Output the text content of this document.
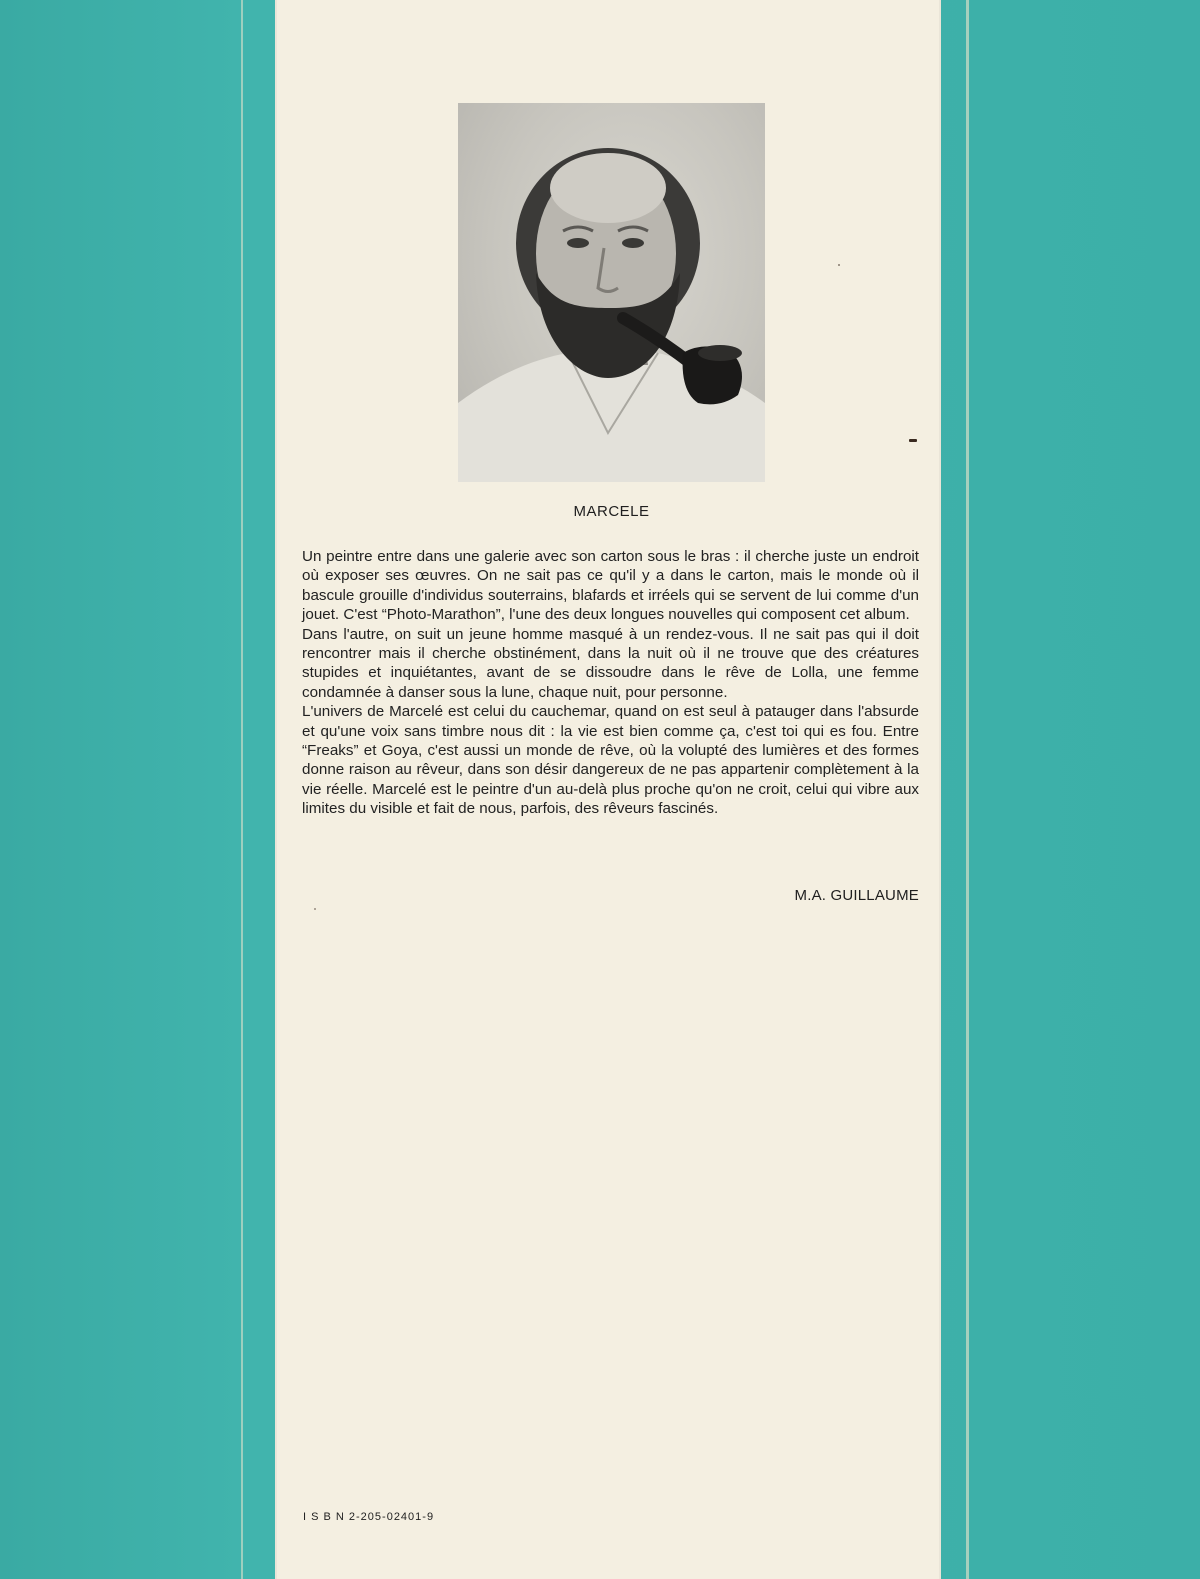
MARCELE

Un peintre entre dans une galerie avec son carton sous le bras : il cherche juste un endroit où exposer ses œuvres. On ne sait pas ce qu'il y a dans le carton, mais le monde où il bascule grouille d'individus souterrains, blafards et irréels qui se servent de lui comme d'un jouet. C'est “Photo-Marathon”, l'une des deux longues nouvelles qui composent cet album.

Dans l'autre, on suit un jeune homme masqué à un rendez-vous. Il ne sait pas qui il doit rencontrer mais il cherche obstinément, dans la nuit où il ne trouve que des créatures stupides et inquiétantes, avant de se dissoudre dans le rêve de Lolla, une femme condamnée à danser sous la lune, chaque nuit, pour personne.

L'univers de Marcelé est celui du cauchemar, quand on est seul à patauger dans l'absurde et qu'une voix sans timbre nous dit : la vie est bien comme ça, c'est toi qui es fou. Entre “Freaks” et Goya, c'est aussi un monde de rêve, où la volupté des lumières et des formes donne raison au rêveur, dans son désir dangereux de ne pas appartenir complètement à la vie réelle. Marcelé est le peintre d'un au-delà plus proche qu'on ne croit, celui qui vibre aux limites du visible et fait de nous, parfois, des rêveurs fascinés.

M.A. GUILLAUME
I S B N 2-205-02401-9
